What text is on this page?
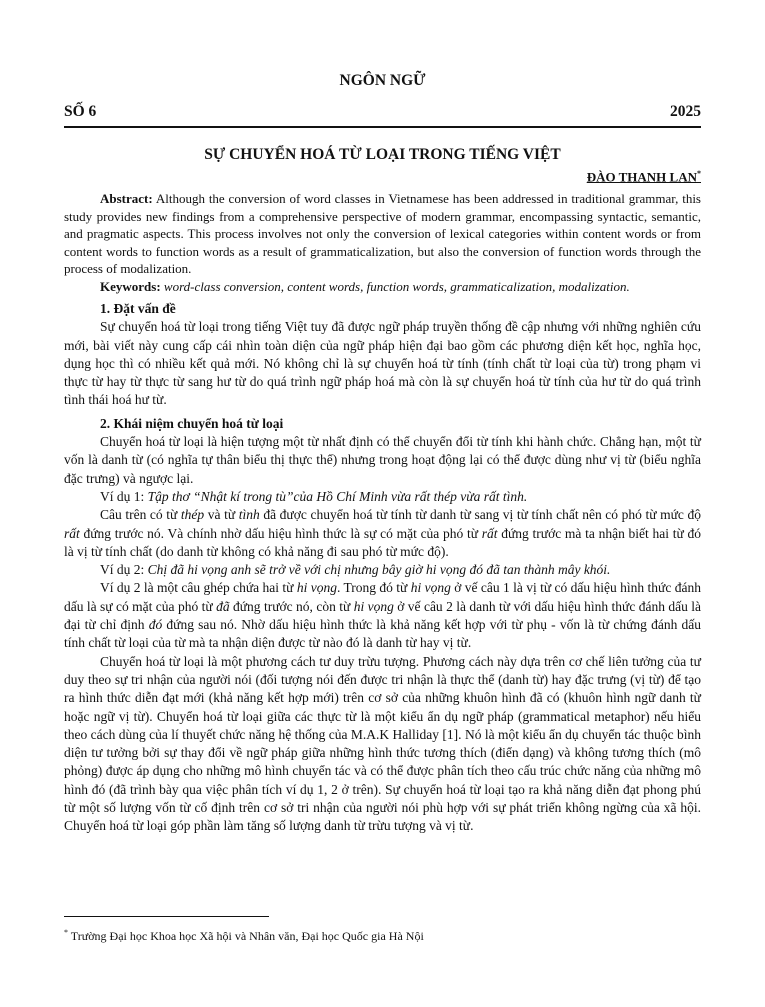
NGÔN NGỮ
SỐ 6	2025
SỰ CHUYỂN HOÁ TỪ LOẠI TRONG TIẾNG VIỆT
ĐÀO THANH LAN*

Abstract: Although the conversion of word classes in Vietnamese has been addressed in traditional grammar, this study provides new findings from a comprehensive perspective of modern grammar, encompassing syntactic, semantic, and pragmatic aspects. This process involves not only the conversion of lexical categories within content words or from content words to function words as a result of grammaticalization, but also the conversion of function words through the process of modalization.

Keywords: word-class conversion, content words, function words, grammaticalization, modalization.

1. Đặt vấn đề

Sự chuyển hoá từ loại trong tiếng Việt tuy đã được ngữ pháp truyền thống đề cập nhưng với những nghiên cứu mới, bài viết này cung cấp cái nhìn toàn diện của ngữ pháp hiện đại bao gồm các phương diện kết học, nghĩa học, dụng học thì có nhiều kết quả mới. Nó không chỉ là sự chuyển hoá từ tính (tính chất từ loại của từ) trong phạm vi thực từ hay từ thực từ sang hư từ do quá trình ngữ pháp hoá mà còn là sự chuyển hoá từ tính của hư từ do quá trình tình thái hoá hư từ.

2. Khái niệm chuyển hoá từ loại

Chuyển hoá từ loại là hiện tượng một từ nhất định có thể chuyển đổi từ tính khi hành chức. Chẳng hạn, một từ vốn là danh từ (có nghĩa tự thân biểu thị thực thể) nhưng trong hoạt động lại có thể được dùng như vị từ (biểu nghĩa đặc trưng) và ngược lại.

Ví dụ 1: Tập thơ “Nhật kí trong tù”của Hồ Chí Minh vừa rất thép vừa rất tình.

Câu trên có từ thép và từ tình đã được chuyển hoá từ tính từ danh từ sang vị từ tính chất nên có phó từ mức độ rất đứng trước nó. Và chính nhờ dấu hiệu hình thức là sự có mặt của phó từ rất đứng trước mà ta nhận biết hai từ đó là vị từ tính chất (do danh từ không có khả năng đi sau phó từ mức độ).

Ví dụ 2: Chị đã hi vọng anh sẽ trở về với chị nhưng bây giờ hi vọng đó đã tan thành mây khói.

Ví dụ 2 là một câu ghép chứa hai từ hi vọng. Trong đó từ hi vọng ở vế câu 1 là vị từ có dấu hiệu hình thức đánh dấu là sự có mặt của phó từ đã đứng trước nó, còn từ hi vọng ở vế câu 2 là danh từ với dấu hiệu hình thức đánh dấu là đại từ chỉ định đó đứng sau nó. Nhờ dấu hiệu hình thức là khả năng kết hợp với từ phụ - vốn là từ chứng đánh dấu tính chất từ loại của từ mà ta nhận diện được từ nào đó là danh từ hay vị từ.

Chuyển hoá từ loại là một phương cách tư duy trừu tượng. Phương cách này dựa trên cơ chế liên tưởng của tư duy theo sự tri nhận của người nói (đối tượng nói đến được tri nhận là thực thể (danh từ) hay đặc trưng (vị từ) để tạo ra hình thức diễn đạt mới (khả năng kết hợp mới) trên cơ sở của những khuôn hình đã có (khuôn hình ngữ danh từ hoặc ngữ vị từ). Chuyển hoá từ loại giữa các thực từ là một kiểu ẩn dụ ngữ pháp (grammatical metaphor) nếu hiểu theo cách dùng của lí thuyết chức năng hệ thống của M.A.K Halliday [1]. Nó là một kiểu ẩn dụ chuyển tác thuộc bình diện tư tưởng bởi sự thay đổi về ngữ pháp giữa những hình thức tương thích (điển dạng) và không tương thích (mô phỏng) được áp dụng cho những mô hình chuyển tác và có thể được phân tích theo cấu trúc chức năng của những mô hình đó (đã trình bày qua việc phân tích ví dụ 1, 2 ở trên). Sự chuyển hoá từ loại tạo ra khả năng diễn đạt phong phú từ một số lượng vốn từ cố định trên cơ sở tri nhận của người nói phù hợp với sự phát triển không ngừng của xã hội. Chuyển hoá từ loại góp phần làm tăng số lượng danh từ trừu tượng và vị từ.

* Trường Đại học Khoa học Xã hội và Nhân văn, Đại học Quốc gia Hà Nội
